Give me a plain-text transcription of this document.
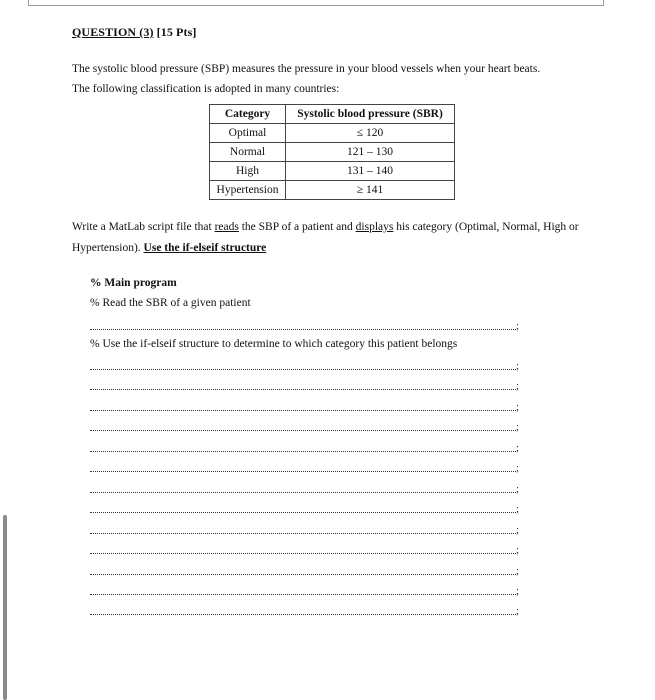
QUESTION (3) [15 Pts]
The systolic blood pressure (SBP) measures the pressure in your blood vessels when your heart beats.
The following classification is adopted in many countries:
Category	Systolic blood pressure (SBR)
Optimal	≤ 120
Normal	121 – 130
High	131 – 140
Hypertension	≥ 141
Write a MatLab script file that reads the SBP of a patient and displays his category (Optimal, Normal, High or Hypertension). Use the if-elseif structure
% Main program
% Read the SBR of a given patient
;
% Use the if-elseif structure to determine to which category this patient belongs
;
;
;
;
;
;
;
;
;
;
;
;
;
